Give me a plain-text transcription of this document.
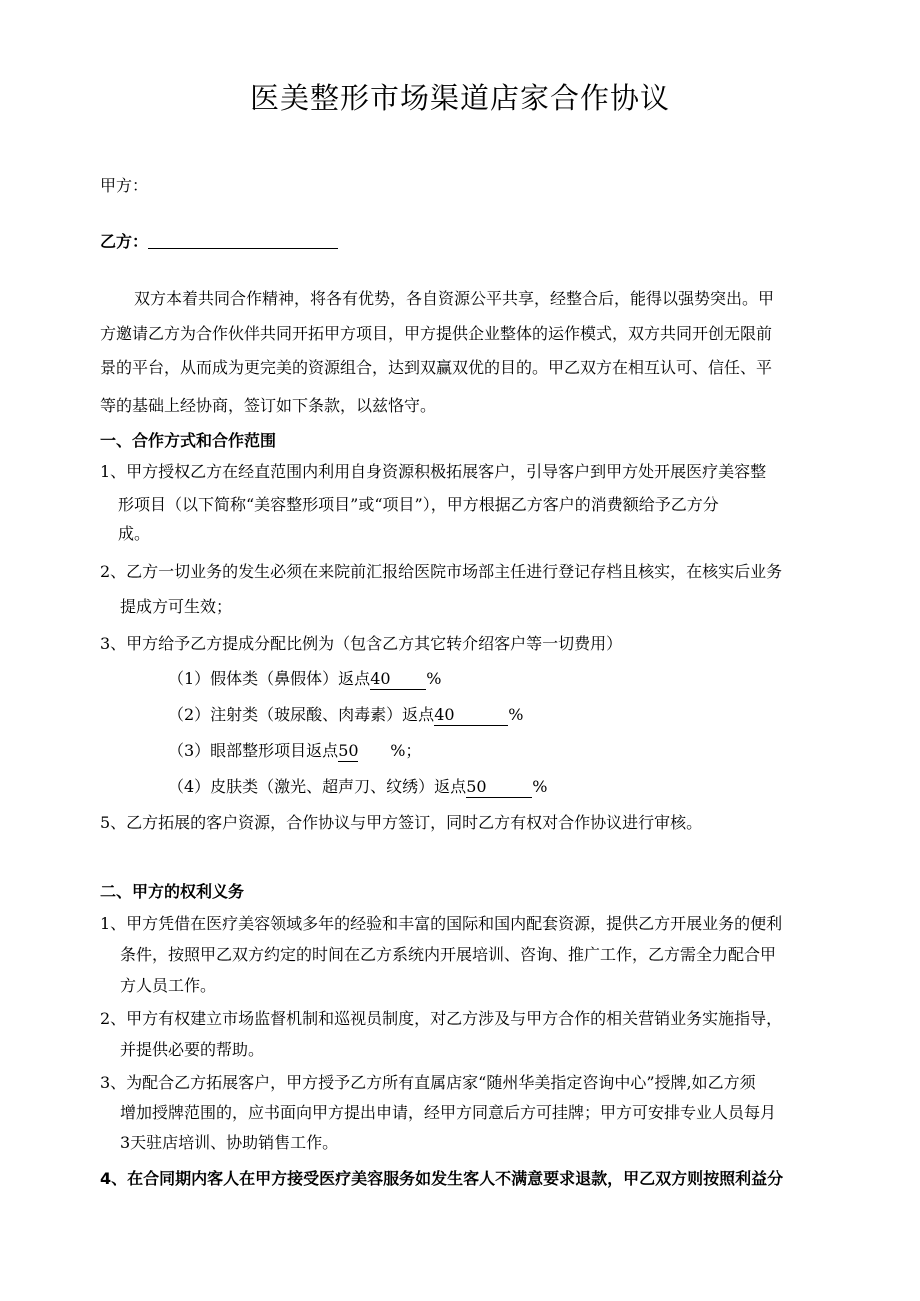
医美整形市场渠道店家合作协议
甲方：
乙方：
双方本着共同合作精神，将各有优势，各自资源公平共享，经整合后，能得以强势突出。甲
方邀请乙方为合作伙伴共同开拓甲方项目，甲方提供企业整体的运作模式，双方共同开创无限前
景的平台，从而成为更完美的资源组合，达到双赢双优的目的。甲乙双方在相互认可、信任、平
等的基础上经协商，签订如下条款，以兹恪守。
一、合作方式和合作范围
1、甲方授权乙方在经直范围内利用自身资源积极拓展客户，引导客户到甲方处开展医疗美容整
形项目（以下简称“美容整形项目”或“项目”），甲方根据乙方客户的消费额给予乙方分
成。
2、乙方一切业务的发生必须在来院前汇报给医院市场部主任进行登记存档且核实，在核实后业务
提成方可生效；
3、甲方给予乙方提成分配比例为（包含乙方其它转介绍客户等一切费用）
（1）假体类（鼻假体）返点40 %
（2）注射类（玻尿酸、肉毒素）返点40	%
（3）眼部整形项目返点50 %；
（4）皮肤类（激光、超声刀、纹绣）返点50	%
5、乙方拓展的客户资源，合作协议与甲方签订，同时乙方有权对合作协议进行审核。
二、甲方的权利义务
1、甲方凭借在医疗美容领域多年的经验和丰富的国际和国内配套资源，提供乙方开展业务的便利
条件，按照甲乙双方约定的时间在乙方系统内开展培训、咨询、推广工作，乙方需全力配合甲
方人员工作。
2、甲方有权建立市场监督机制和巡视员制度，对乙方涉及与甲方合作的相关营销业务实施指导，
并提供必要的帮助。
3、为配合乙方拓展客户，甲方授予乙方所有直属店家“随州华美指定咨询中心”授牌,如乙方须
增加授牌范围的，应书面向甲方提出申请，经甲方同意后方可挂牌；甲方可安排专业人员每月
3天驻店培训、协助销售工作。
4、在合同期内客人在甲方接受医疗美容服务如发生客人不满意要求退款，甲乙双方则按照利益分
